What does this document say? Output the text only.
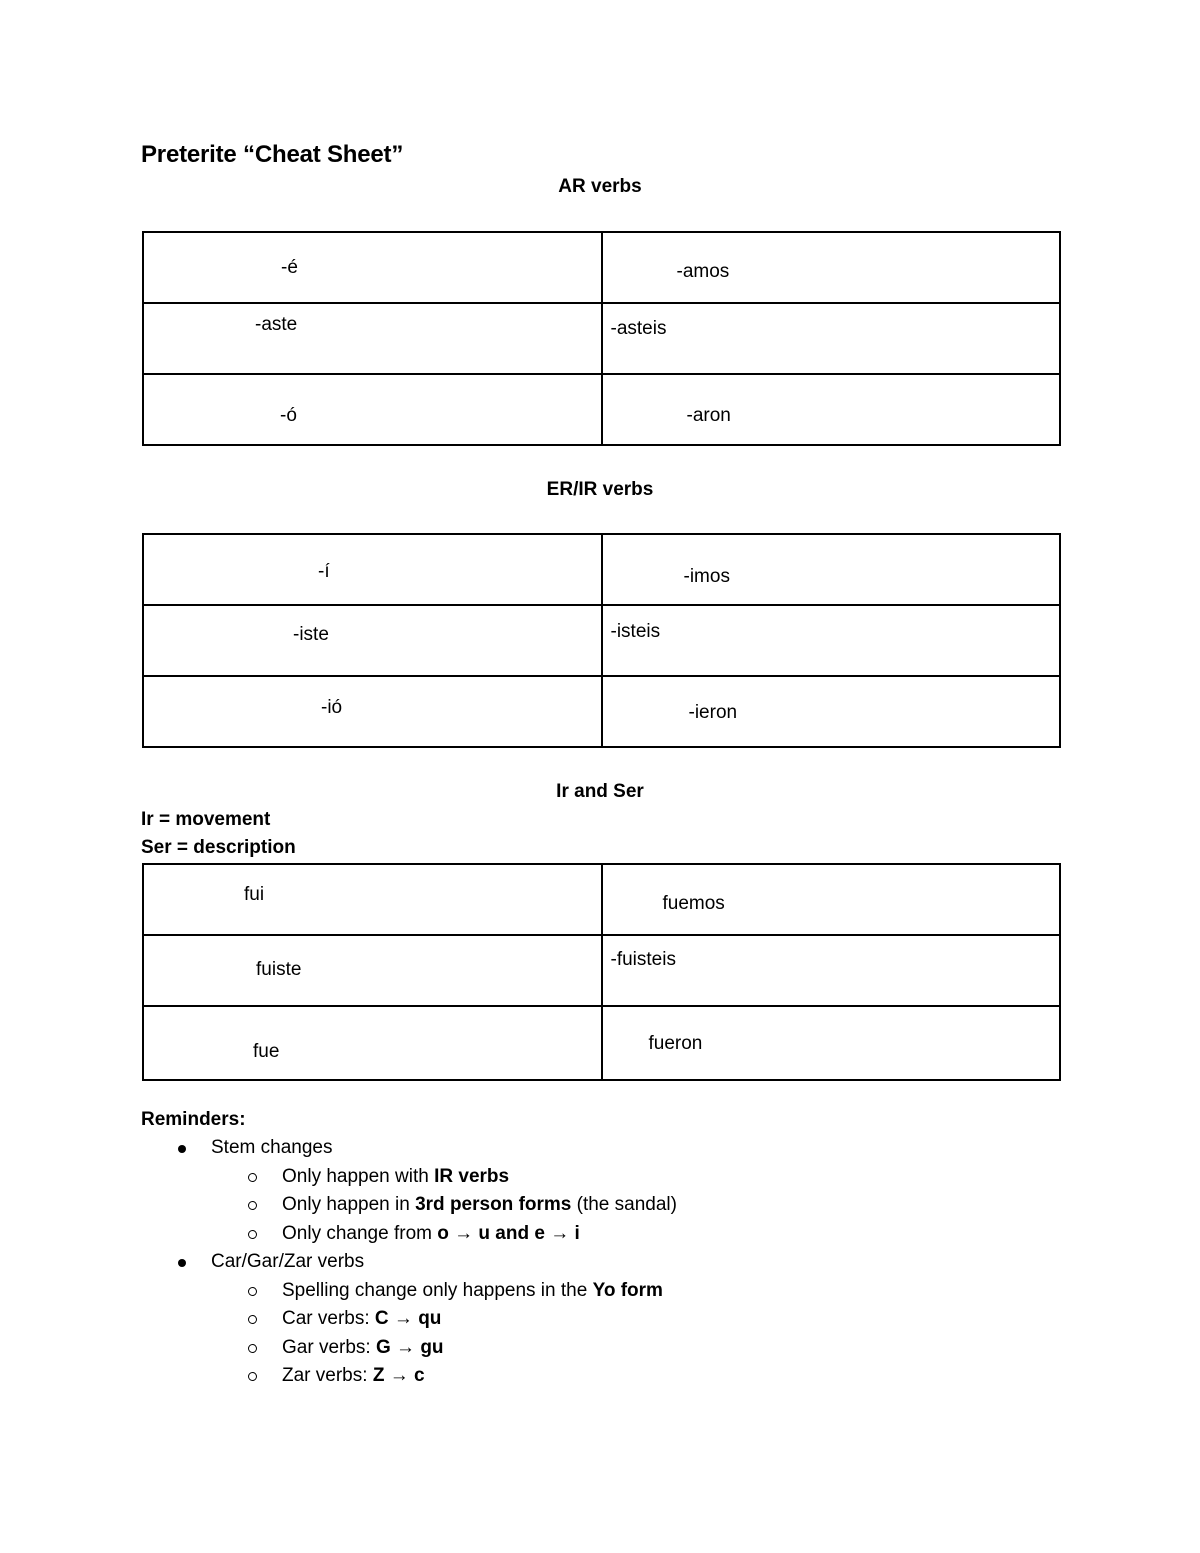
Preterite “Cheat Sheet”
AR verbs
-é	-amos

-aste	-asteis

-ó	-aron
ER/IR verbs
-í	-imos

-iste	-isteis

-ió	-ieron
Ir and Ser
Ir = movement
Ser = description
fui	fuemos

fuiste	-fuisteis

fue	fueron
Reminders:
Stem changes
Only happen with IR verbs
Only happen in 3rd person forms (the sandal)
Only change from o → u and e → i
Car/Gar/Zar verbs
Spelling change only happens in the Yo form
Car verbs: C → qu
Gar verbs: G → gu
Zar verbs: Z → c
